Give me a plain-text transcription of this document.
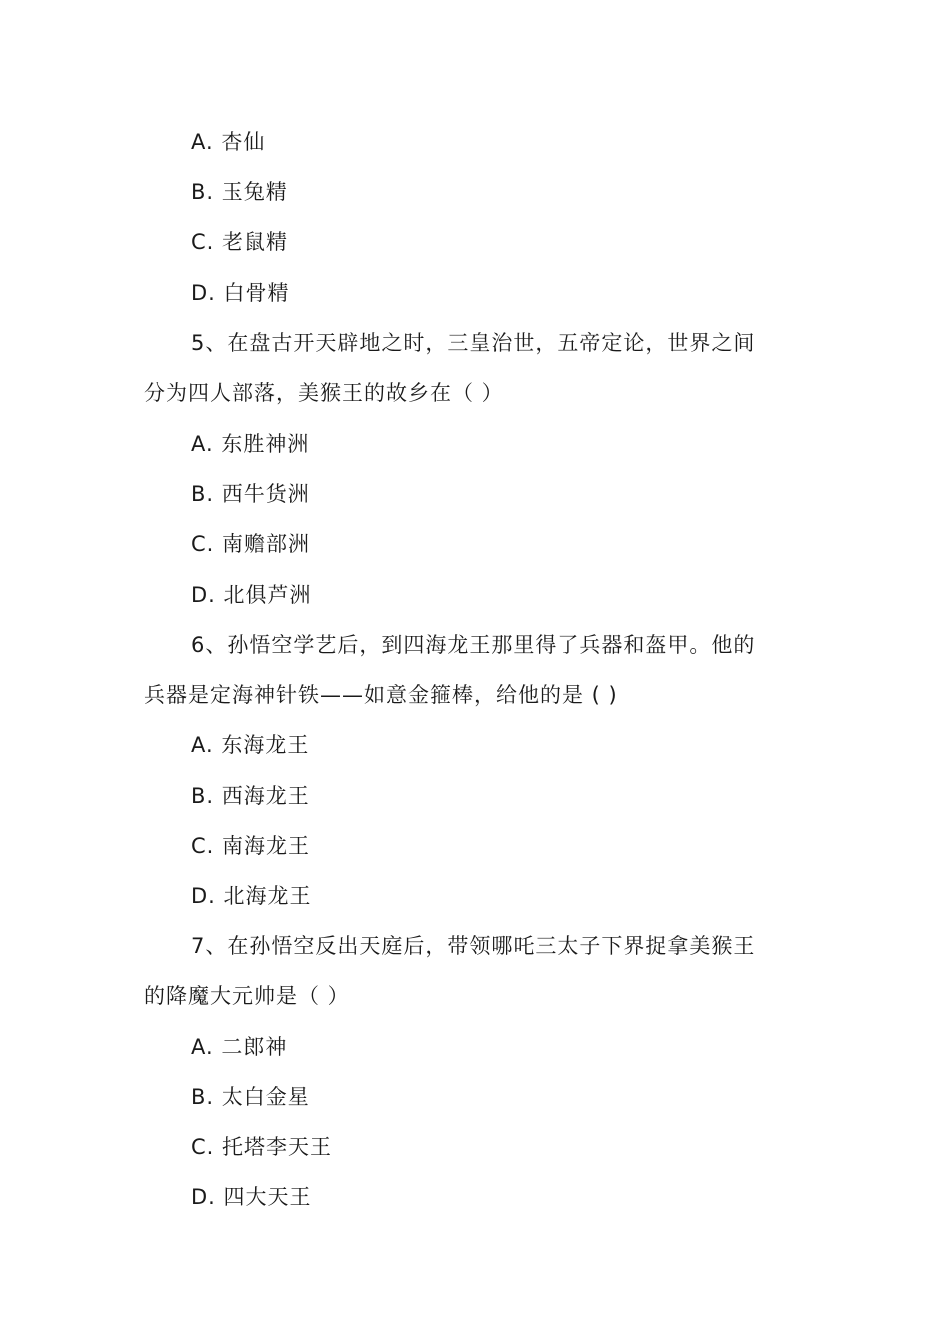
A. 杏仙
B. 玉兔精
C. 老鼠精
D. 白骨精
5、在盘古开天辟地之时，三皇治世，五帝定论，世界之间
分为四人部落，美猴王的故乡在（ ）
A. 东胜神洲
B. 西牛货洲
C. 南赡部洲
D. 北俱芦洲
6、孙悟空学艺后，到四海龙王那里得了兵器和盔甲。他的
兵器是定海神针铁——如意金箍棒，给他的是 ( )
A. 东海龙王
B. 西海龙王
C. 南海龙王
D. 北海龙王
7、在孙悟空反出天庭后，带领哪吒三太子下界捉拿美猴王
的降魔大元帅是（ ）
A. 二郎神
B. 太白金星
C. 托塔李天王
D. 四大天王
